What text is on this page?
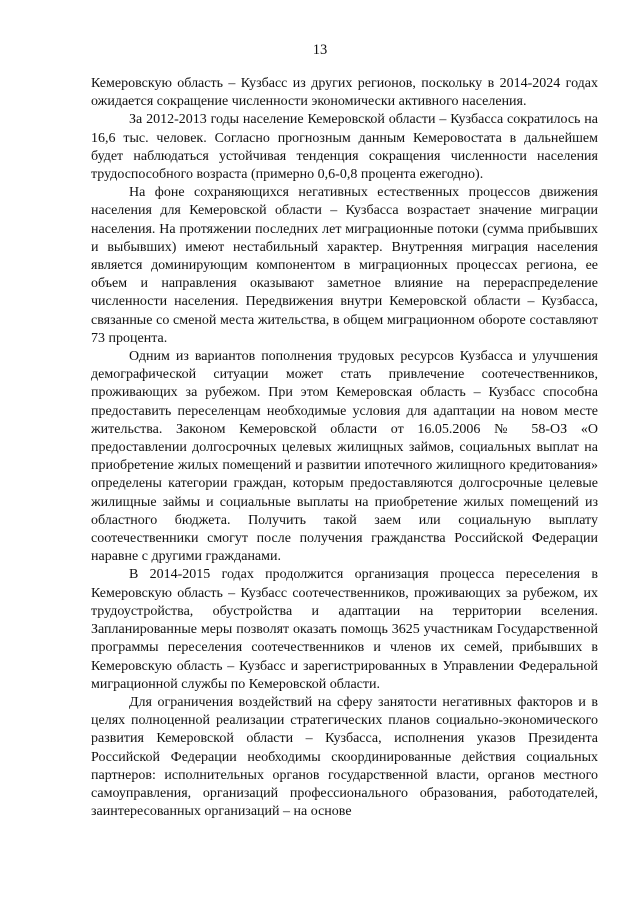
13

Кемеровскую область – Кузбасс из других регионов, поскольку в 2014-2024 годах ожидается сокращение численности экономически активного населения.

За 2012-2013 годы население Кемеровской области – Кузбасса сократилось на 16,6 тыс. человек. Согласно прогнозным данным Кемеровостата в дальнейшем будет наблюдаться устойчивая тенденция сокращения численности населения трудоспособного возраста (примерно 0,6-0,8 процента ежегодно).

На фоне сохраняющихся негативных естественных процессов движения населения для Кемеровской области – Кузбасса возрастает значение миграции населения. На протяжении последних лет миграционные потоки (сумма прибывших и выбывших) имеют нестабильный характер. Внутренняя миграция населения является доминирующим компонентом в миграционных процессах региона, ее объем и направления оказывают заметное влияние на перераспределение численности населения. Передвижения внутри Кемеровской области – Кузбасса, связанные со сменой места жительства, в общем миграционном обороте составляют 73 процента.

Одним из вариантов пополнения трудовых ресурсов Кузбасса и улучшения демографической ситуации может стать привлечение соотечественников, проживающих за рубежом. При этом Кемеровская область – Кузбасс способна предоставить переселенцам необходимые условия для адаптации на новом месте жительства. Законом Кемеровской области от 16.05.2006 № 58-ОЗ «О предоставлении долгосрочных целевых жилищных займов, социальных выплат на приобретение жилых помещений и развитии ипотечного жилищного кредитования» определены категории граждан, которым предоставляются долгосрочные целевые жилищные займы и социальные выплаты на приобретение жилых помещений из областного бюджета. Получить такой заем или социальную выплату соотечественники смогут после получения гражданства Российской Федерации наравне с другими гражданами.

В 2014-2015 годах продолжится организация процесса переселения в Кемеровскую область – Кузбасс соотечественников, проживающих за рубежом, их трудоустройства, обустройства и адаптации на территории вселения. Запланированные меры позволят оказать помощь 3625 участникам Государственной программы переселения соотечественников и членов их семей, прибывших в Кемеровскую область – Кузбасс и зарегистрированных в Управлении Федеральной миграционной службы по Кемеровской области.

Для ограничения воздействий на сферу занятости негативных факторов и в целях полноценной реализации стратегических планов социально-экономического развития Кемеровской области – Кузбасса, исполнения указов Президента Российской Федерации необходимы скоординированные действия социальных партнеров: исполнительных органов государственной власти, органов местного самоуправления, организаций профессионального образования, работодателей, заинтересованных организаций – на основе
